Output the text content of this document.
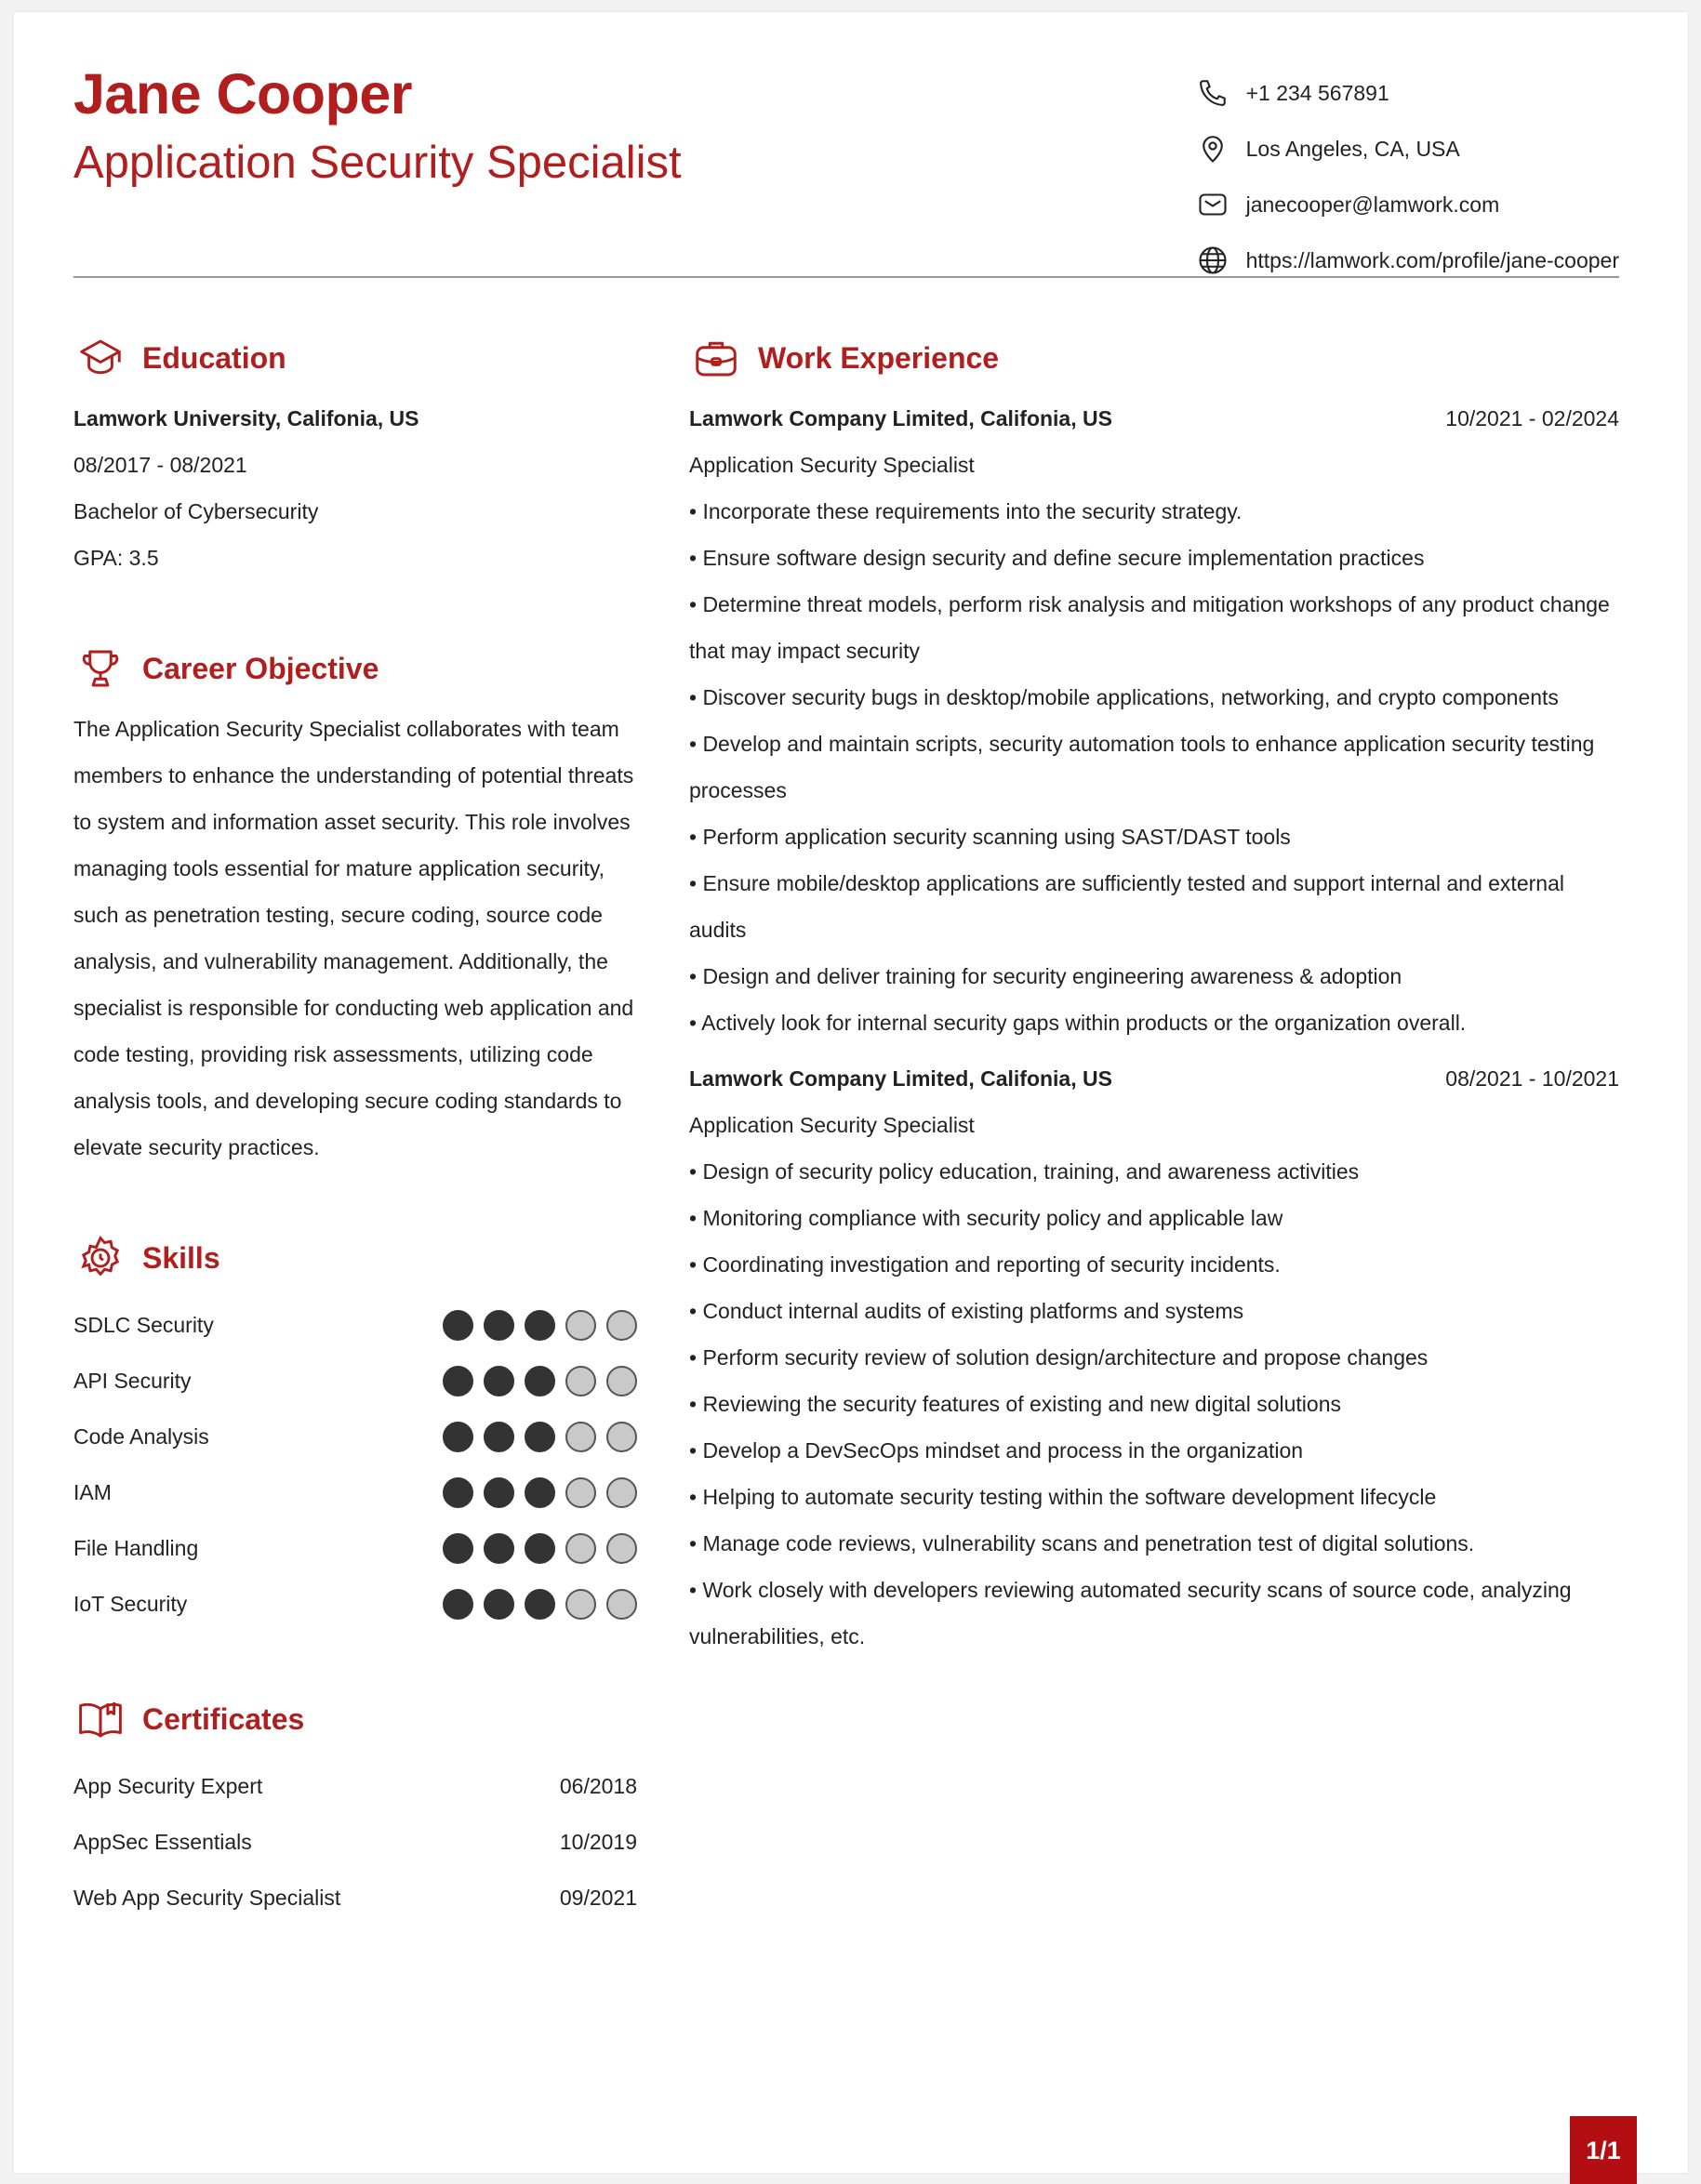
Jane Cooper
Application Security Specialist
+1 234 567891
Los Angeles, CA, USA
janecooper@lamwork.com
https://lamwork.com/profile/jane-cooper
Education
Lamwork University, Califonia, US
08/2017 - 08/2021
Bachelor of Cybersecurity
GPA: 3.5
Career Objective
The Application Security Specialist collaborates with team members to enhance the understanding of potential threats to system and information asset security. This role involves managing tools essential for mature application security, such as penetration testing, secure coding, source code analysis, and vulnerability management. Additionally, the specialist is responsible for conducting web application and code testing, providing risk assessments, utilizing code analysis tools, and developing secure coding standards to elevate security practices.
Skills
SDLC Security
API Security
Code Analysis
IAM
File Handling
IoT Security
Certificates
App Security Expert	06/2018
AppSec Essentials	10/2019
Web App Security Specialist	09/2021
Work Experience
Lamwork Company Limited, Califonia, US	10/2021 - 02/2024
Application Security Specialist
• Incorporate these requirements into the security strategy.
• Ensure software design security and define secure implementation practices
• Determine threat models, perform risk analysis and mitigation workshops of any product change that may impact security
• Discover security bugs in desktop/mobile applications, networking, and crypto components
• Develop and maintain scripts, security automation tools to enhance application security testing processes
• Perform application security scanning using SAST/DAST tools
• Ensure mobile/desktop applications are sufficiently tested and support internal and external audits
• Design and deliver training for security engineering awareness & adoption
• Actively look for internal security gaps within products or the organization overall.
Lamwork Company Limited, Califonia, US	08/2021 - 10/2021
Application Security Specialist
• Design of security policy education, training, and awareness activities
• Monitoring compliance with security policy and applicable law
• Coordinating investigation and reporting of security incidents.
• Conduct internal audits of existing platforms and systems
• Perform security review of solution design/architecture and propose changes
• Reviewing the security features of existing and new digital solutions
• Develop a DevSecOps mindset and process in the organization
• Helping to automate security testing within the software development lifecycle
• Manage code reviews, vulnerability scans and penetration test of digital solutions.
• Work closely with developers reviewing automated security scans of source code, analyzing vulnerabilities, etc.
1/1
